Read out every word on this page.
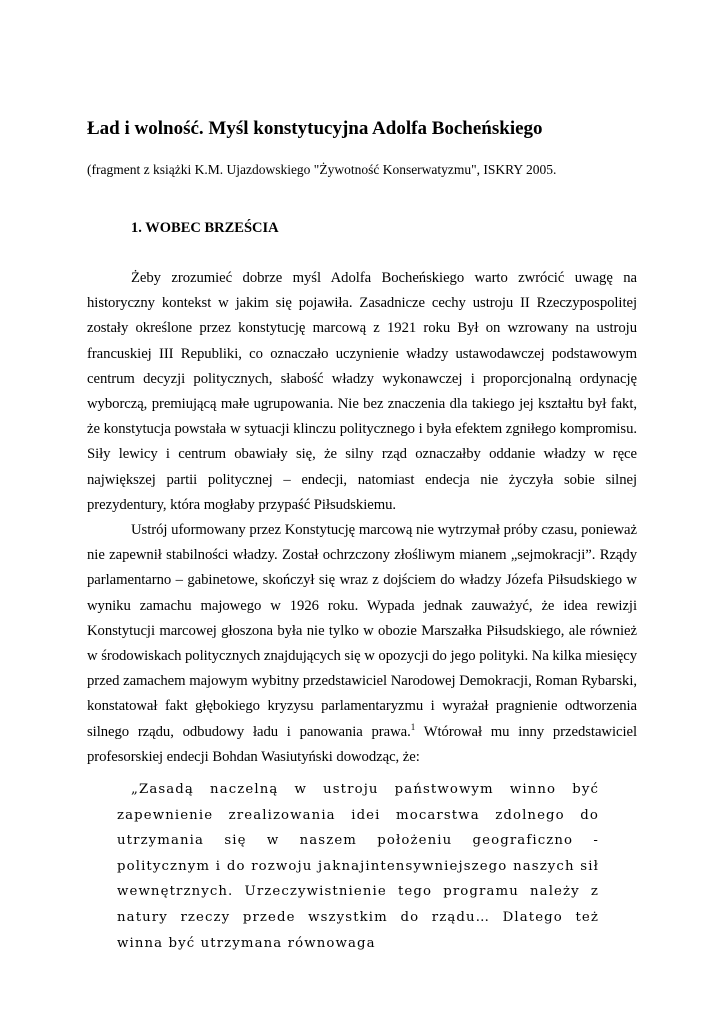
Ład i wolność. Myśl konstytucyjna Adolfa Bocheńskiego

(fragment z książki K.M. Ujazdowskiego "Żywotność Konserwatyzmu", ISKRY 2005.

1. WOBEC BRZEŚCIA

Żeby zrozumieć dobrze myśl Adolfa Bocheńskiego warto zwrócić uwagę na historyczny kontekst w jakim się pojawiła. Zasadnicze cechy ustroju II Rzeczypospolitej zostały określone przez konstytucję marcową z 1921 roku Był on wzrowany na ustroju francuskiej III Republiki, co oznaczało uczynienie władzy ustawodawczej podstawowym centrum decyzji politycznych, słabość władzy wykonawczej i proporcjonalną ordynację wyborczą, premiującą małe ugrupowania. Nie bez znaczenia dla takiego jej kształtu był fakt, że konstytucja powstała w sytuacji klinczu politycznego i była efektem zgniłego kompromisu. Siły lewicy i centrum obawiały się, że silny rząd oznaczałby oddanie władzy w ręce największej partii politycznej – endecji, natomiast endecja nie życzyła sobie silnej prezydentury, która mogłaby przypaść Piłsudskiemu.

Ustrój uformowany przez Konstytucję marcową nie wytrzymał próby czasu, ponieważ nie zapewnił stabilności władzy. Został ochrzczony złośliwym mianem „sejmokracji”. Rządy parlamentarno – gabinetowe, skończył się wraz z dojściem do władzy Józefa Piłsudskiego w wyniku zamachu majowego w 1926 roku. Wypada jednak zauważyć, że idea rewizji Konstytucji marcowej głoszona była nie tylko w obozie Marszałka Piłsudskiego, ale również w środowiskach politycznych znajdujących się w opozycji do jego polityki. Na kilka miesięcy przed zamachem majowym wybitny przedstawiciel Narodowej Demokracji, Roman Rybarski, konstatował fakt głębokiego kryzysu parlamentaryzmu i wyrażał pragnienie odtworzenia silnego rządu, odbudowy ładu i panowania prawa.$^1$ Wtórował mu inny przedstawiciel profesorskiej endecji Bohdan Wasiutyński dowodząc, że:

„Zasadą naczelną w ustroju państwowym winno być zapewnienie zrealizowania idei mocarstwa zdolnego do utrzymania się w naszem położeniu geograficzno - politycznym i do rozwoju jaknajintensywniejszego naszych sił wewnętrznych. Urzeczywistnienie tego programu należy z natury rzeczy przede wszystkim do rządu… Dlatego też winna być utrzymana równowaga
